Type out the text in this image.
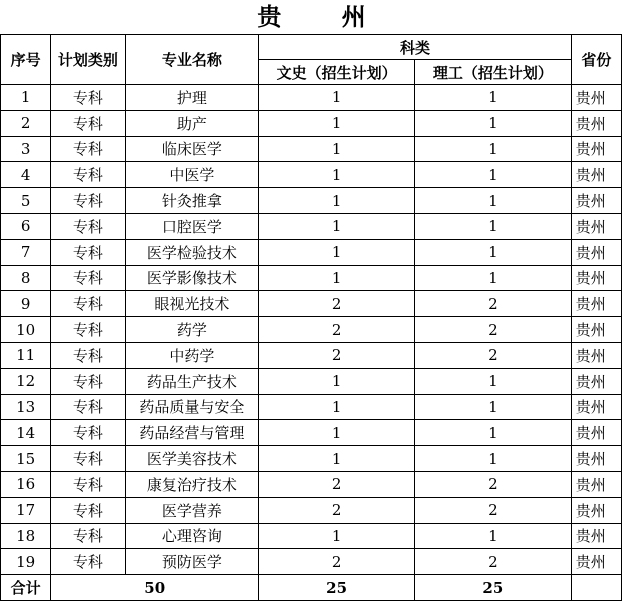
贵 州
序号	计划类别	专业名称	科类		省份
			文史（招生计划）	理工（招生计划）	
1	专科	护理	1	1	贵州
2	专科	助产	1	1	贵州
3	专科	临床医学	1	1	贵州
4	专科	中医学	1	1	贵州
5	专科	针灸推拿	1	1	贵州
6	专科	口腔医学	1	1	贵州
7	专科	医学检验技术	1	1	贵州
8	专科	医学影像技术	1	1	贵州
9	专科	眼视光技术	2	2	贵州
10	专科	药学	2	2	贵州
11	专科	中药学	2	2	贵州
12	专科	药品生产技术	1	1	贵州
13	专科	药品质量与安全	1	1	贵州
14	专科	药品经营与管理	1	1	贵州
15	专科	医学美容技术	1	1	贵州
16	专科	康复治疗技术	2	2	贵州
17	专科	医学营养	2	2	贵州
18	专科	心理咨询	1	1	贵州
19	专科	预防医学	2	2	贵州
合计	50		25	25	
